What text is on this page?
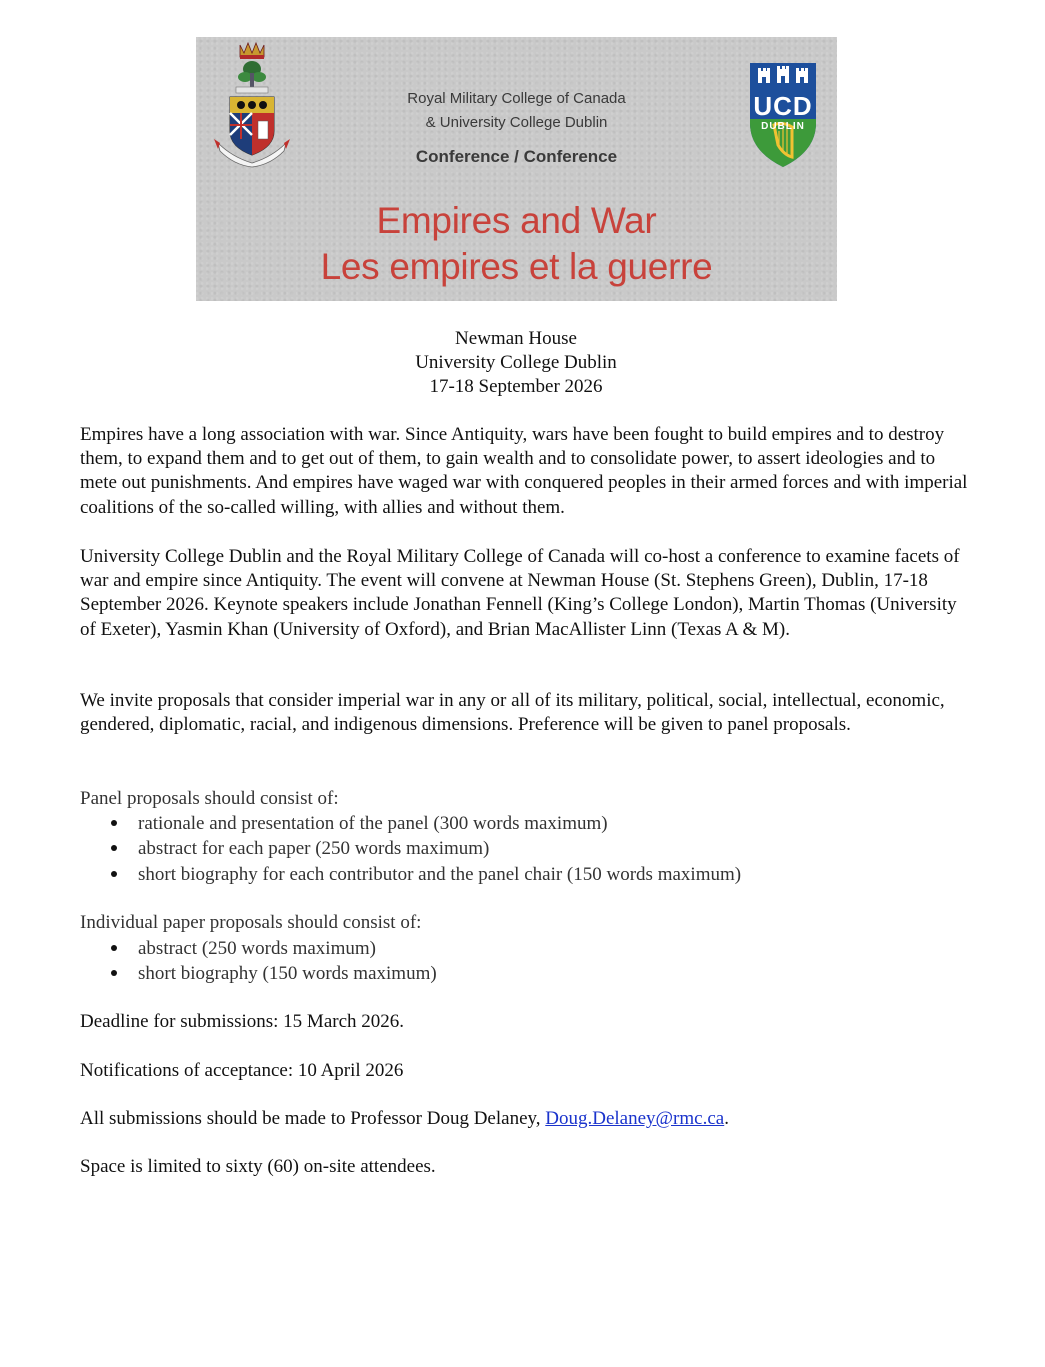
Royal Military College of Canada
& University College Dublin
Conference / Conference
Empires and War
Les empires et la guerre
UCD
DUBLIN
Newman House
University College Dublin
17-18 September 2026

Empires have a long association with war. Since Antiquity, wars have been fought to build empires and to destroy them, to expand them and to get out of them, to gain wealth and to consolidate power, to assert ideologies and to mete out punishments. And empires have waged war with conquered peoples in their armed forces and with imperial coalitions of the so-called willing, with allies and without them.

University College Dublin and the Royal Military College of Canada will co-host a conference to examine facets of war and empire since Antiquity. The event will convene at Newman House (St. Stephens Green), Dublin, 17-18 September 2026. Keynote speakers include Jonathan Fennell (King’s College London), Martin Thomas (University of Exeter), Yasmin Khan (University of Oxford), and Brian MacAllister Linn (Texas A & M).

We invite proposals that consider imperial war in any or all of its military, political, social, intellectual, economic, gendered, diplomatic, racial, and indigenous dimensions. Preference will be given to panel proposals.

Panel proposals should consist of:
rationale and presentation of the panel (300 words maximum)
abstract for each paper (250 words maximum)
short biography for each contributor and the panel chair (150 words maximum)
Individual paper proposals should consist of:
abstract (250 words maximum)
short biography (150 words maximum)
Deadline for submissions: 15 March 2026.
Notifications of acceptance: 10 April 2026
All submissions should be made to Professor Doug Delaney, Doug.Delaney@rmc.ca.
Space is limited to sixty (60) on-site attendees.
